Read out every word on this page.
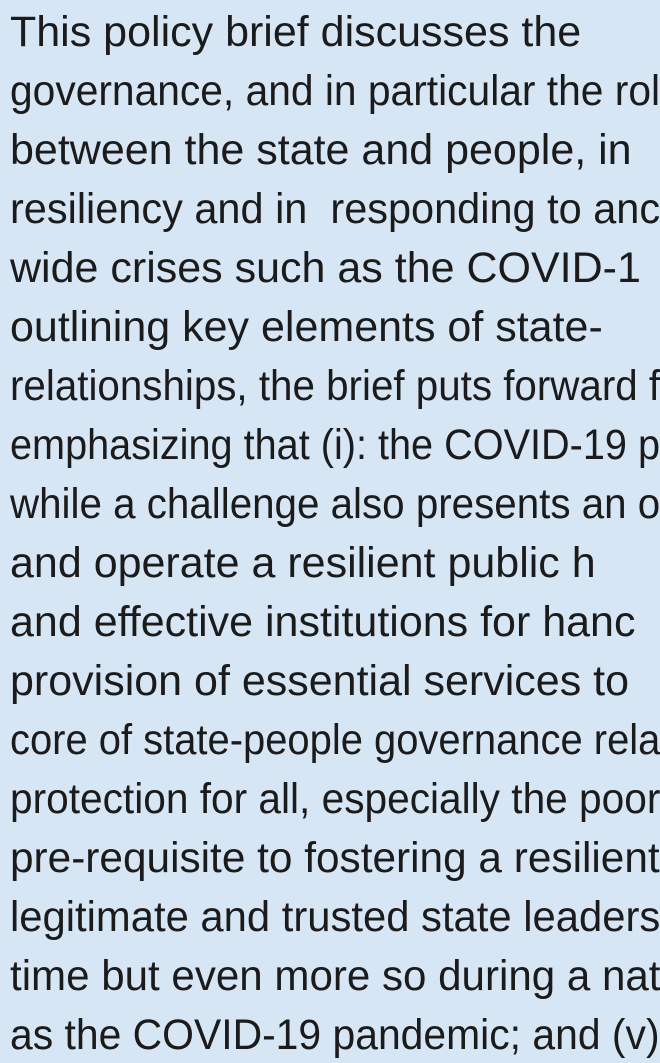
This policy brief discusses the
governance, and in particular the rol
between the state and people, in
resiliency and in  responding to anc
wide crises such as the COVID-1
outlining key elements of state-
relationships, the brief puts forward f
emphasizing that (i): the COVID-19 p
while a challenge also presents an o
and operate a resilient public h
and effective institutions for hanc
provision of essential services to
core of state-people governance rela
protection for all, especially the poor
pre-requisite to fostering a resilient
legitimate and trusted state leaders
time but even more so during a nat
as the COVID-19 pandemic; and (v)
